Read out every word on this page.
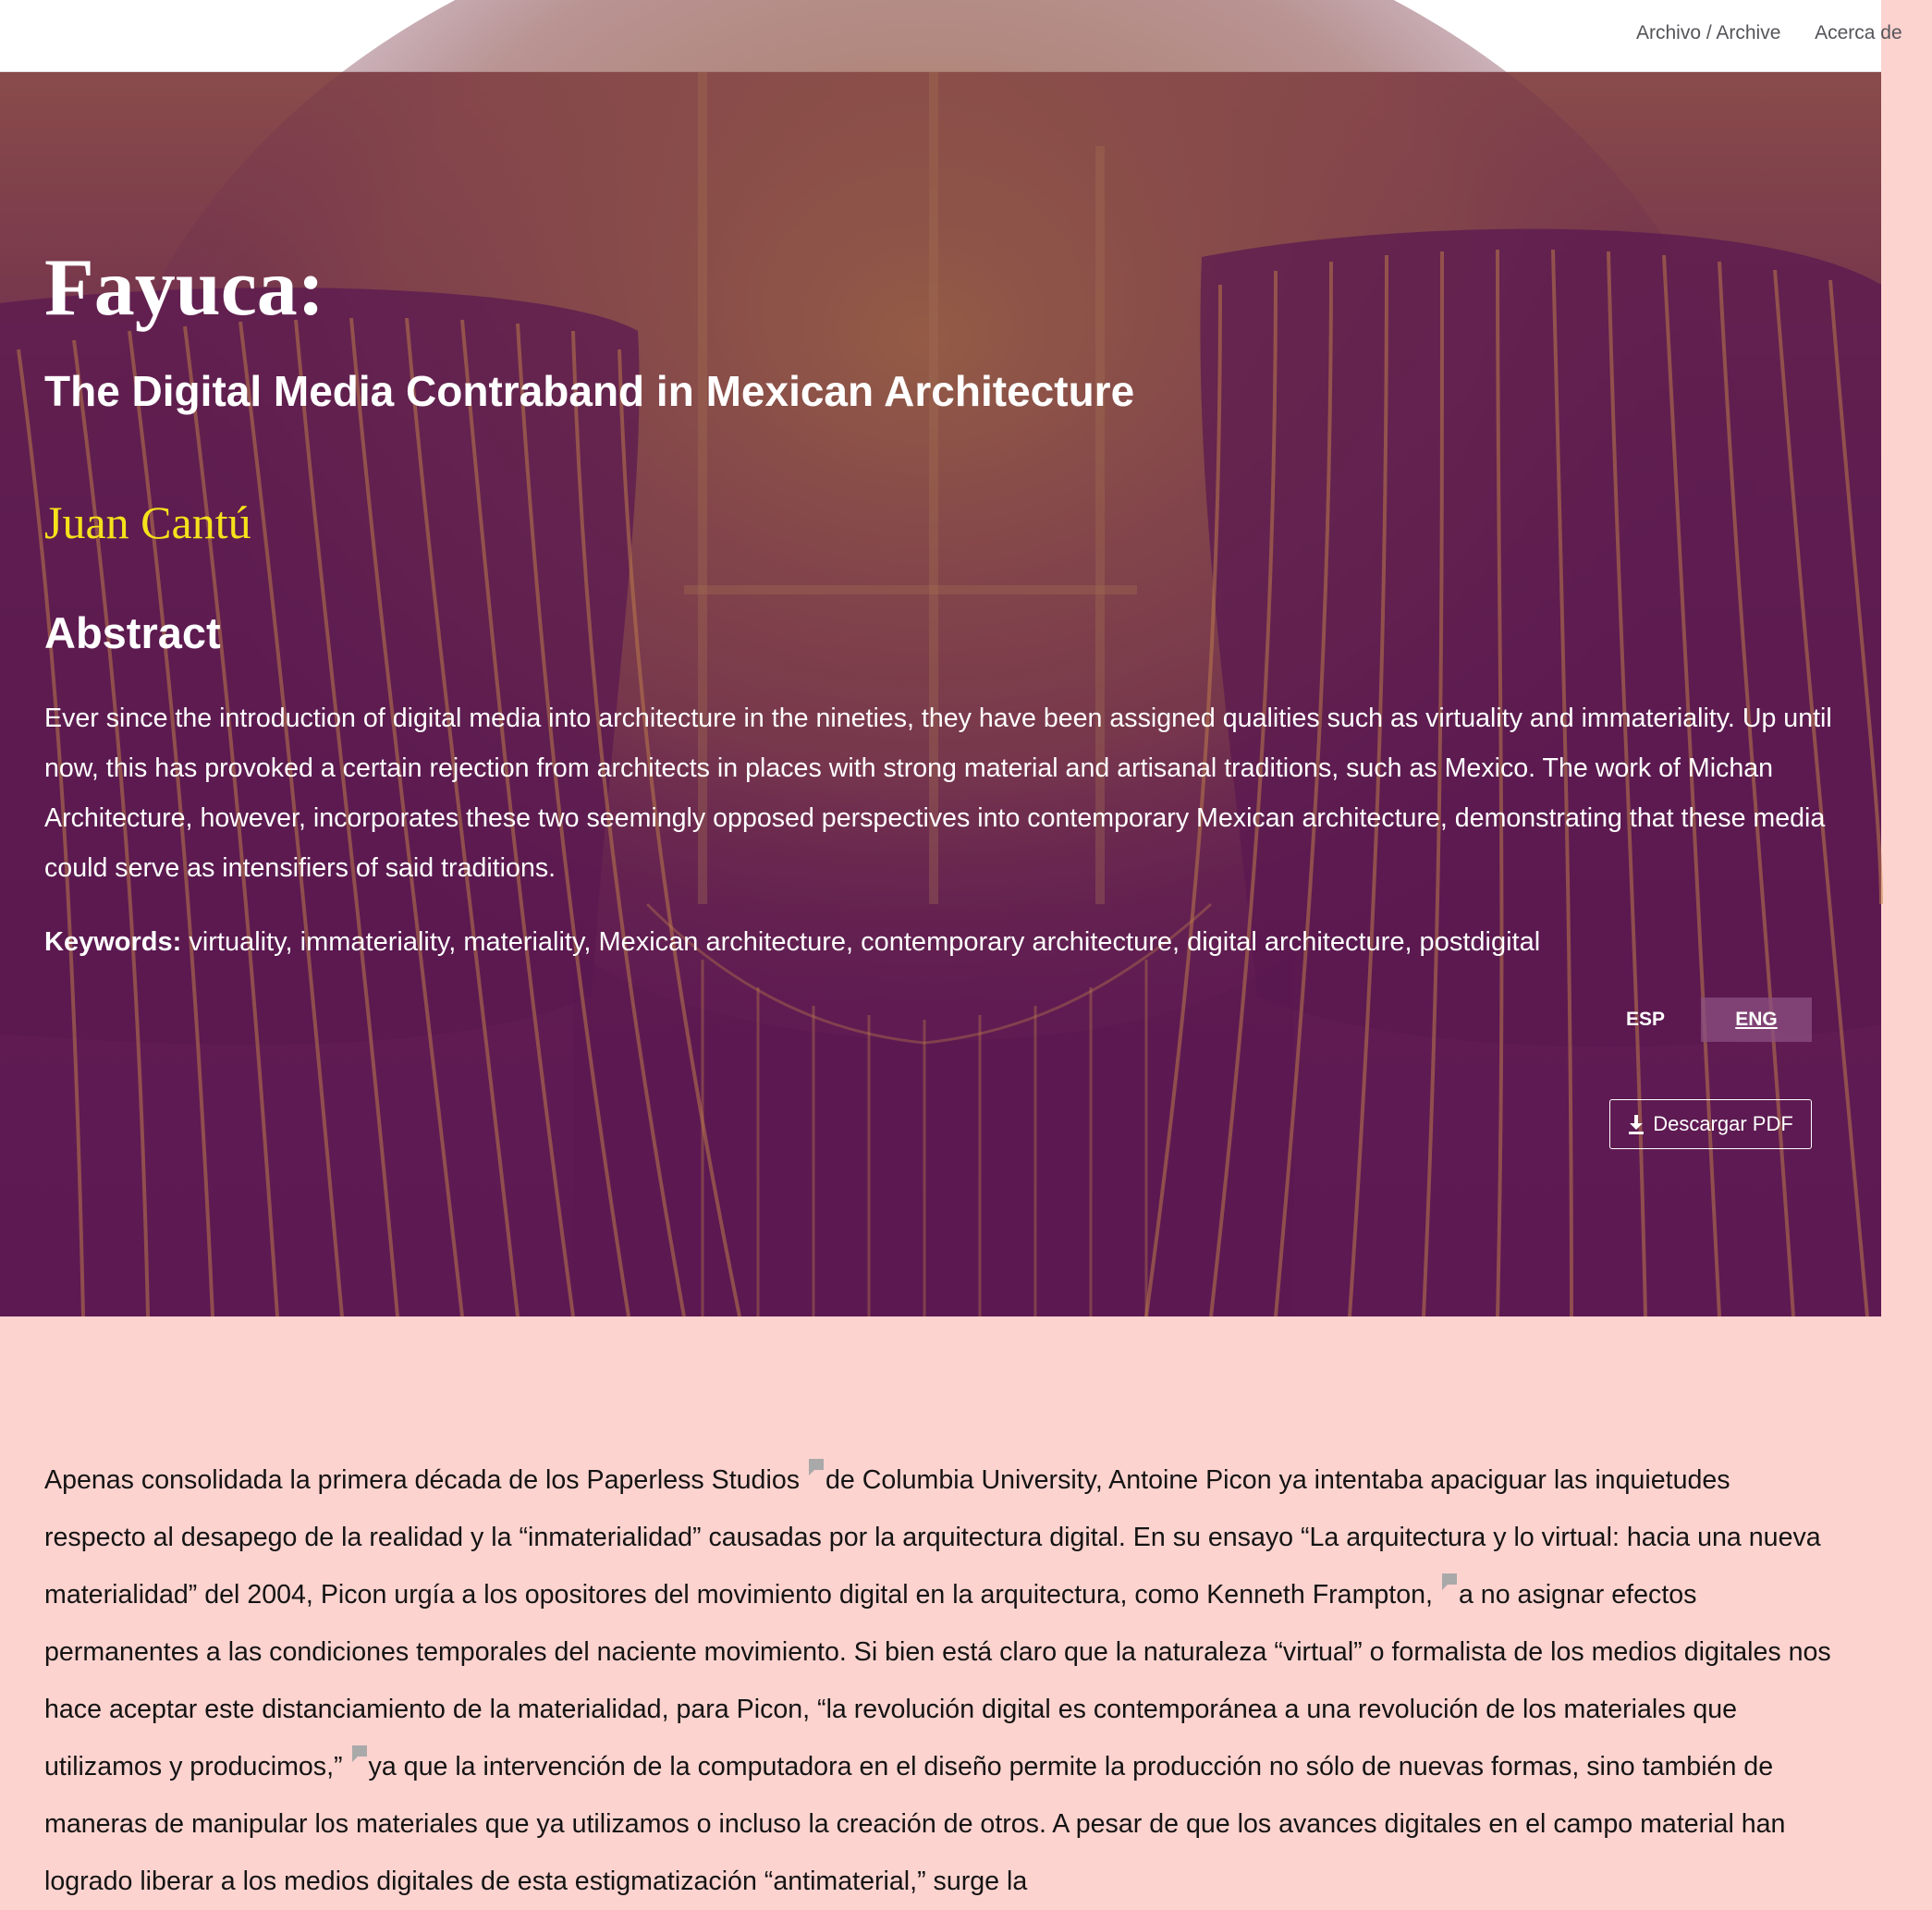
Archivo / Archive Acerca de
Fayuca:
The Digital Media Contraband in Mexican Architecture
Juan Cantú
Abstract

Ever since the introduction of digital media into architecture in the nineties, they have been assigned qualities such as virtuality and immateriality. Up until now, this has provoked a certain rejection from architects in places with strong material and artisanal traditions, such as Mexico. The work of Michan Architecture, however, incorporates these two seemingly opposed perspectives into contemporary Mexican architecture, demonstrating that these media could serve as intensifiers of said traditions.

Keywords: virtuality, immateriality, materiality, Mexican architecture, contemporary architecture, digital architecture, postdigital

ESP	ENG
Descargar PDF

Apenas consolidada la primera década de los Paperless Studios de Columbia University, Antoine Picon ya intentaba apaciguar las inquietudes respecto al desapego de la realidad y la “inmaterialidad” causadas por la arquitectura digital. En su ensayo “La arquitectura y lo virtual: hacia una nueva materialidad” del 2004, Picon urgía a los opositores del movimiento digital en la arquitectura, como Kenneth Frampton, a no asignar efectos permanentes a las condiciones temporales del naciente movimiento. Si bien está claro que la naturaleza “virtual” o formalista de los medios digitales nos hace aceptar este distanciamiento de la materialidad, para Picon, “la revolución digital es contemporánea a una revolución de los materiales que utilizamos y producimos,” ya que la intervención de la computadora en el diseño permite la producción no sólo de nuevas formas, sino también de maneras de manipular los materiales que ya utilizamos o incluso la creación de otros. A pesar de que los avances digitales en el campo material han logrado liberar a los medios digitales de esta estigmatización “antimaterial,” surge la
